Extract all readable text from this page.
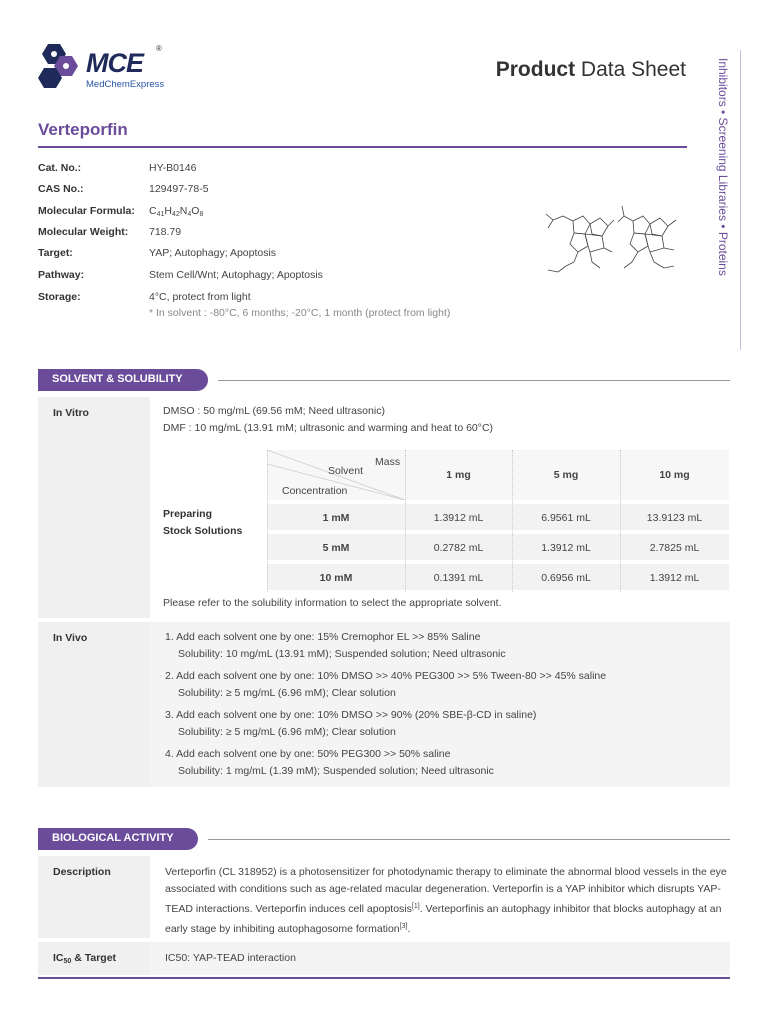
MCE ®
MedChemExpress
Product Data Sheet	Inhibitors • Screening Libraries • Proteins
Verteporfin
Cat. No.:	HY-B0146
CAS No.:	129497-78-5
Molecular Formula: $C_{41}H_{42}N_4O_8$
Molecular Weight: 718.79
Target:	YAP; Autophagy; Apoptosis
Pathway:	Stem Cell/Wnt; Autophagy; Apoptosis
Storage:	4°C, protect from light
* In solvent : -80°C, 6 months; -20°C, 1 month (protect from light)
SOLVENT & SOLUBILITY
In Vitro	DMSO : 50 mg/mL (69.56 mM; Need ultrasonic)
DMF : 10 mg/mL (13.91 mM; ultrasonic and warming and heat to 60°C)
Please refer to the solubility information to select the appropriate solvent.
Mass
Solvent
Concentration
1 mg	5 mg	10 mg
Preparing
Stock Solutions
1 mM	1.3912 mL	6.9561 mL	13.9123 mL
5 mM	0.2782 mL	1.3912 mL	2.7825 mL
10 mM	0.1391 mL	0.6956 mL	1.3912 mL
In Vivo	1. Add each solvent one by one: 15% Cremophor EL >> 85% Saline
Solubility: 10 mg/mL (13.91 mM); Suspended solution; Need ultrasonic
2. Add each solvent one by one: 10% DMSO >> 40% PEG300 >> 5% Tween-80 >> 45% saline
Solubility: ≥ 5 mg/mL (6.96 mM); Clear solution
3. Add each solvent one by one: 10% DMSO >> 90% (20% SBE-β-CD in saline)
Solubility: ≥ 5 mg/mL (6.96 mM); Clear solution
4. Add each solvent one by one: 50% PEG300 >> 50% saline
Solubility: 1 mg/mL (1.39 mM); Suspended solution; Need ultrasonic
BIOLOGICAL ACTIVITY
Description	Verteporfin (CL 318952) is a photosensitizer for photodynamic therapy to eliminate the abnormal blood vessels in the eye
associated with conditions such as age-related macular degeneration. Verteporfin is a YAP inhibitor which disrupts YAP-
TEAD interactions. Verteporfin induces cell apoptosis[1]. Verteporfinis an autophagy inhibitor that blocks autophagy at an
early stage by inhibiting autophagosome formation[3].
$IC_{50}$ & Target	IC50: YAP-TEAD interaction
